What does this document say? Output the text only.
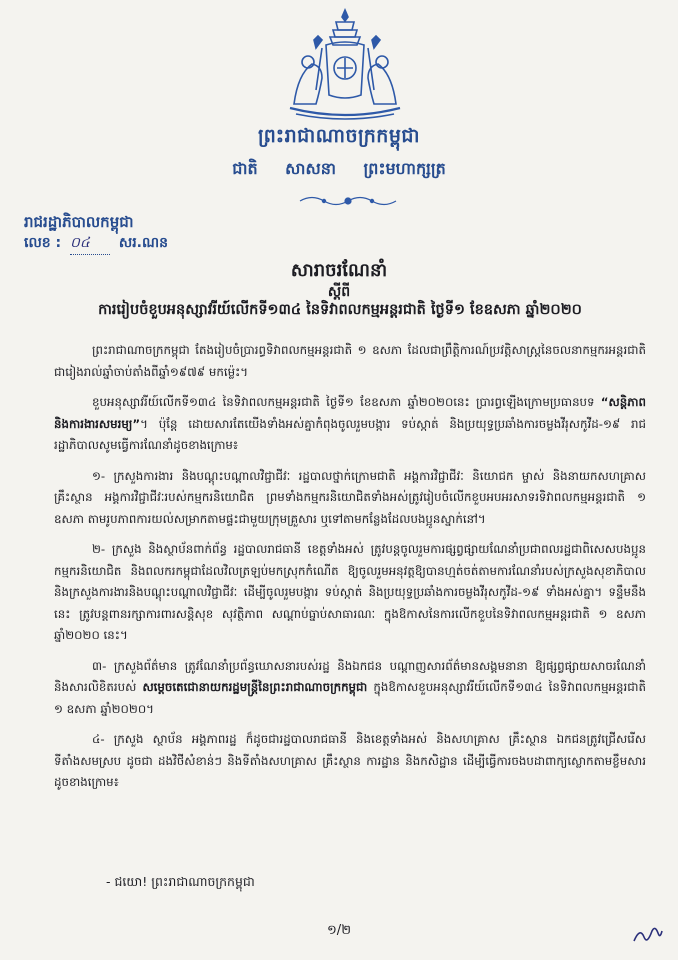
ព្រះរាជាណាចក្រកម្ពុជា
ជាតិ សាសនា ព្រះមហាក្សត្រ
រាជរដ្ឋាភិបាលកម្ពុជា
លេខ : ០៤ សរ.ណន
សារាចរណែនាំ
ស្តីពី
ការរៀបចំខួបអនុស្សាវរីយ៍លើកទី១៣៤ នៃទិវាពលកម្មអន្តរជាតិ ថ្ងៃទី១ ខែឧសភា ឆ្នាំ២០២០

ព្រះរាជាណាចក្រកម្ពុជា តែងរៀបចំប្រារព្ធទិវាពលកម្មអន្តរជាតិ ១ ឧសភា ដែលជាព្រឹត្តិការណ៍ប្រវត្តិសាស្ត្រនៃចលនាកម្មករអន្តរជាតិជារៀងរាល់ឆ្នាំចាប់តាំងពីឆ្នាំ១៩៧៩ មកម្ល៉េះ។

ខួបអនុស្សាវរីយ៍លើកទី១៣៤ នៃទិវាពលកម្មអន្តរជាតិ ថ្ងៃទី១ ខែឧសភា ឆ្នាំ២០២០នេះ ប្រារព្ធឡើងក្រោមប្រធានបទ “សន្តិភាព និងការងារសមរម្យ”។ ប៉ុន្តែ ដោយសារតែយើងទាំងអស់គ្នាកំពុងចូលរួមបង្ការ ទប់ស្កាត់ និងប្រយុទ្ធប្រឆាំងការចម្លងវីរុសកូវីដ-១៩ រាជរដ្ឋាភិបាលសូមធ្វើការណែនាំដូចខាងក្រោម៖

១- ក្រសួងការងារ និងបណ្តុះបណ្តាលវិជ្ជាជីវៈ រដ្ឋបាលថ្នាក់ក្រោមជាតិ អង្គការវិជ្ជាជីវៈ និយោជក ម្ចាស់ និងនាយកសហគ្រាស គ្រឹះស្ថាន អង្គការវិជ្ជាជីវៈរបស់កម្មករនិយោជិត ព្រមទាំងកម្មករនិយោជិតទាំងអស់ត្រូវរៀបចំលើកខួបអបអរសាទរទិវាពលកម្មអន្តរជាតិ ១ ឧសភា តាមរូបភាពការយល់សម្រាកតាមផ្ទះជាមួយក្រុមគ្រួសារ ឬទៅតាមកន្លែងដែលបងប្អូនស្នាក់នៅ។

២- ក្រសួង និងស្ថាប័នពាក់ព័ន្ធ រដ្ឋបាលរាជធានី ខេត្តទាំងអស់ ត្រូវបន្តចូលរួមការផ្សព្វផ្សាយណែនាំប្រជាពលរដ្ឋជាពិសេសបងប្អូនកម្មករនិយោជិត និងពលករកម្ពុជាដែលវិលត្រឡប់មកស្រុកកំណើត ឱ្យចូលរួមអនុវត្តឱ្យបានហ្មត់ចត់តាមការណែនាំរបស់ក្រសួងសុខាភិបាល និងក្រសួងការងារនិងបណ្តុះបណ្តាលវិជ្ជាជីវៈ ដើម្បីចូលរួមបង្ការ ទប់ស្កាត់ និងប្រយុទ្ធប្រឆាំងការចម្លងវីរុសកូវីដ-១៩ ទាំងអស់គ្នា។ ទន្ទឹមនឹងនេះ ត្រូវបន្តពានរក្សាការពារសន្តិសុខ សុវត្ថិភាព សណ្តាប់ធ្នាប់សាធារណៈ ក្នុងឱកាសនៃការលើកខួបនៃទិវាពលកម្មអន្តរជាតិ ១ ឧសភា ឆ្នាំ២០២០ នេះ។

៣- ក្រសួងព័ត៌មាន ត្រូវណែនាំប្រព័ន្ធឃោសនារបស់រដ្ឋ និងឯកជន បណ្តាញសារព័ត៌មានសង្គមនានា ឱ្យផ្សព្វផ្សាយសាចរណែនាំ និងសារលិខិតរបស់ សម្តេចតេជោនាយករដ្ឋមន្ត្រីនៃព្រះរាជាណាចក្រកម្ពុជា ក្នុងឱកាសខួបអនុស្សាវរីយ៍លើកទី១៣៤ នៃទិវាពលកម្មអន្តរជាតិ ១ ឧសភា ឆ្នាំ២០២០។

៤- ក្រសួង ស្ថាប័ន អង្គភាពរដ្ឋ ក៏ដូចជារដ្ឋបាលរាជធានី និងខេត្តទាំងអស់ និងសហគ្រាស គ្រឹះស្ថាន ឯកជនត្រូវជ្រើសរើសទីតាំងសមស្រប ដូចជា ដងវិថីសំខាន់ៗ និងទីតាំងសហគ្រាស គ្រឹះស្ថាន ការដ្ឋាន និងកសិដ្ឋាន ដើម្បីធ្វើការចងបដាពាក្យស្លោកតាមខ្លឹមសារដូចខាងក្រោម៖

- ជយោ! ព្រះរាជាណាចក្រកម្ពុជា
១/២
